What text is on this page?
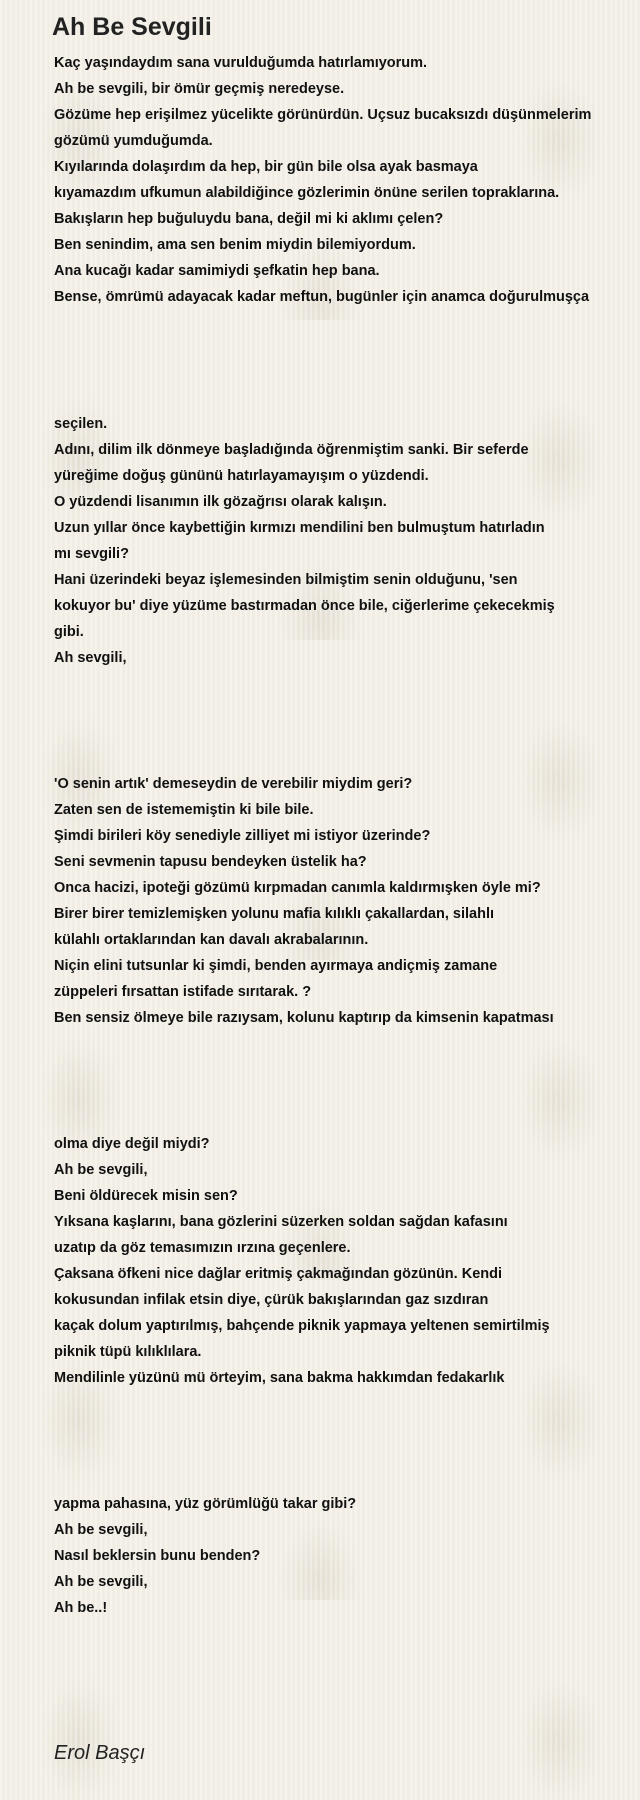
Ah Be Sevgili
Kaç yaşındaydım sana vurulduğumda hatırlamıyorum.
Ah be sevgili, bir ömür geçmiş neredeyse.
Gözüme hep erişilmez yücelikte görünürdün. Uçsuz bucaksızdı düşünmelerim
gözümü yumduğumda.
Kıyılarında dolaşırdım da hep, bir gün bile olsa ayak basmaya
kıyamazdım ufkumun alabildiğince gözlerimin önüne serilen topraklarına.
Bakışların hep buğuluydu bana, değil mi ki aklımı çelen?
Ben senindim, ama sen benim miydin bilemiyordum.
Ana kucağı kadar samimiydi şefkatin hep bana.
Bense, ömrümü adayacak kadar meftun, bugünler için anamca doğurulmuşça
seçilen.
Adını, dilim ilk dönmeye başladığında öğrenmiştim sanki. Bir seferde
yüreğime doğuş gününü hatırlayamayışım o yüzdendi.
O yüzdendi lisanımın ilk gözağrısı olarak kalışın.
Uzun yıllar önce kaybettiğin kırmızı mendilini ben bulmuştum hatırladın
mı sevgili?
Hani üzerindeki beyaz işlemesinden bilmiştim senin olduğunu, 'sen
kokuyor bu' diye yüzüme bastırmadan önce bile, ciğerlerime çekecekmiş
gibi.
Ah sevgili,
'O senin artık' demeseydin de verebilir miydim geri?
Zaten sen de istememiştin ki bile bile.
Şimdi birileri köy senediyle zilliyet mi istiyor üzerinde?
Seni sevmenin tapusu bendeyken üstelik ha?
Onca hacizi, ipoteği gözümü kırpmadan canımla kaldırmışken öyle mi?
Birer birer temizlemişken yolunu mafia kılıklı çakallardan, silahlı
külahlı ortaklarından kan davalı akrabalarının.
Niçin elini tutsunlar ki şimdi, benden ayırmaya andiçmiş zamane
züppeleri fırsattan istifade sırıtarak. ?
Ben sensiz ölmeye bile razıysam, kolunu kaptırıp da kimsenin kapatması
olma diye değil miydi?
Ah be sevgili,
Beni öldürecek misin sen?
Yıksana kaşlarını, bana gözlerini süzerken soldan sağdan kafasını
uzatıp da göz temasımızın ırzına geçenlere.
Çaksana öfkeni nice dağlar eritmiş çakmağından gözünün. Kendi
kokusundan infilak etsin diye, çürük bakışlarından gaz sızdıran
kaçak dolum yaptırılmış, bahçende piknik yapmaya yeltenen semirtilmiş
piknik tüpü kılıklılara.
Mendilinle yüzünü mü örteyim, sana bakma hakkımdan fedakarlık
yapma pahasına, yüz görümlüğü takar gibi?
Ah be sevgili,
Nasıl beklersin bunu benden?
Ah be sevgili,
Ah be..!
Erol Başçı
